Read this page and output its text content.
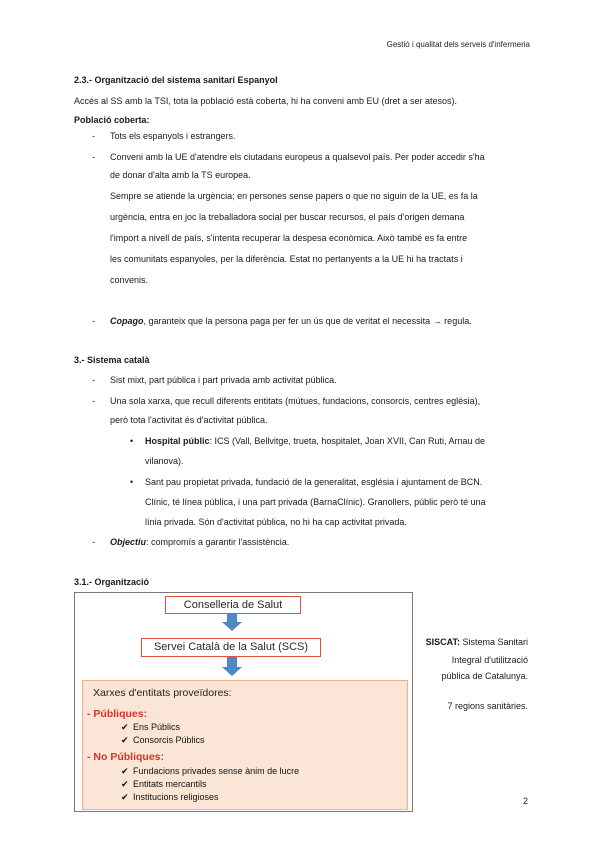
Gestió i qualitat dels serveis d'infermeria
2.3.- Organització del sistema sanitari Espanyol
Accés al SS amb la TSI, tota la població està coberta, hi ha conveni amb EU (dret a ser atesos).
Població coberta:
- Tots els espanyols i estrangers.
- Conveni amb la UE d'atendre els ciutadans europeus a qualsevol país. Per poder accedir s'ha
de donar d'alta amb la TS europea.
Sempre se atiende la urgència; en persones sense papers o que no siguin de la UE, es fa la
urgència, entra en joc la treballadora social per buscar recursos, el país d'origen demana
l'import a nivell de país, s'intenta recuperar la despesa econòmica. Això també es fa entre
les comunitats espanyoles, per la diferència. Estat no pertanyents a la UE hi ha tractats i
convenis.
- Copago, garanteix que la persona paga per fer un ús que de veritat el necessita → regula.
3.- Sistema català
- Sist mixt, part pública i part privada amb activitat pública.
- Una sola xarxa, que recull diferents entitats (mútues, fundacions, consorcis, centres eglésia),
però tota l'activitat és d'activitat pública.
• Hospital públic: ICS (Vall, Bellvitge, trueta, hospitalet, Joan XVII, Can Ruti, Arnau de
vilanova).
• Sant pau propietat privada, fundació de la generalitat, església i ajuntament de BCN.
Clínic, té línea pública, i una part privada (BarnaClínic). Granollers, públic però té una
línia privada. Són d'activitat pública, no hi ha cap activitat privada.
- Objectiu: compromís a garantir l'assistència.
3.1.- Organització
Conselleria de Salut
Servei Català de la Salut (SCS)
Xarxes d'entitats proveïdores:
- Públiques:
✔ Ens Públics
✔ Consorcis Públics
- No Públiques:
✔ Fundacions privades sense ànim de lucre
✔ Entitats mercantils
✔ Institucions religioses
SISCAT: Sistema Sanitari
Integral d'utilització
pública de Catalunya.
7 regions sanitàries.
2
